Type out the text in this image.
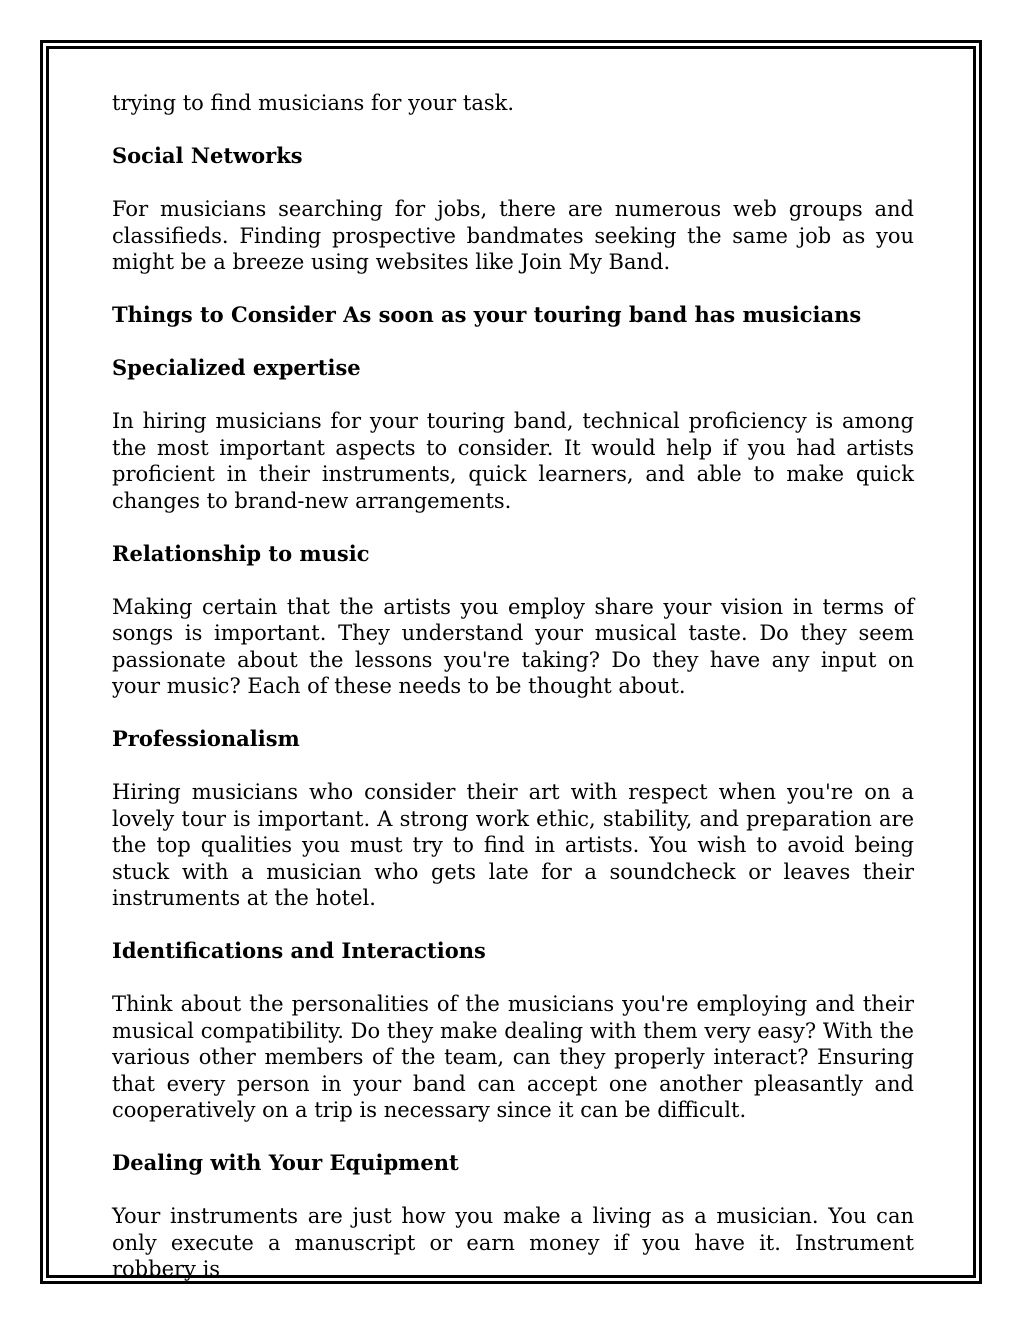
trying to find musicians for your task.

Social Networks

For musicians searching for jobs, there are numerous web groups and classifieds. Finding prospective bandmates seeking the same job as you might be a breeze using websites like Join My Band.

Things to Consider As soon as your touring band has musicians
Specialized expertise

In hiring musicians for your touring band, technical proficiency is among the most important aspects to consider. It would help if you had artists proficient in their instruments, quick learners, and able to make quick changes to brand-new arrangements.

Relationship to music

Making certain that the artists you employ share your vision in terms of songs is important. They understand your musical taste. Do they seem passionate about the lessons you're taking? Do they have any input on your music? Each of these needs to be thought about.

Professionalism

Hiring musicians who consider their art with respect when you're on a lovely tour is important. A strong work ethic, stability, and preparation are the top qualities you must try to find in artists. You wish to avoid being stuck with a musician who gets late for a soundcheck or leaves their instruments at the hotel.

Identifications and Interactions

Think about the personalities of the musicians you're employing and their musical compatibility. Do they make dealing with them very easy? With the various other members of the team, can they properly interact? Ensuring that every person in your band can accept one another pleasantly and cooperatively on a trip is necessary since it can be difficult.

Dealing with Your Equipment

Your instruments are just how you make a living as a musician. You can only execute a manuscript or earn money if you have it. Instrument robbery is
